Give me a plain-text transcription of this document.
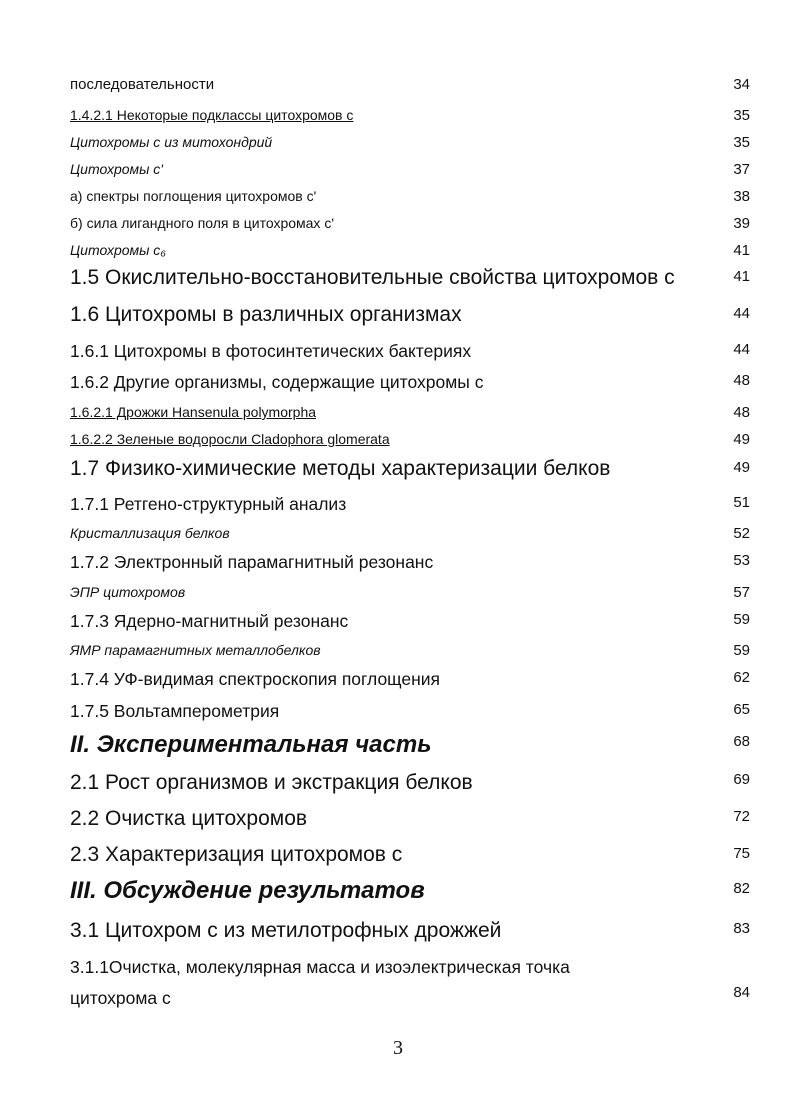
последовательности	34
1.4.2.1 Некоторые подклассы цитохромов c	35
Цитохромы c из митохондрий	35
Цитохромы c'	37
а) спектры поглощения цитохромов c'	38
б) сила лигандного поля в цитохромах c'	39
Цитохромы c₆	41
1.5 Окислительно-восстановительные свойства цитохромов c	41
1.6 Цитохромы в различных организмах	44
1.6.1 Цитохромы в фотосинтетических бактериях	44
1.6.2 Другие организмы, содержащие цитохромы c	48
1.6.2.1 Дрожжи Hansenula polymorpha	48
1.6.2.2 Зеленые водоросли Cladophora glomerata	49
1.7 Физико-химические методы характеризации белков	49
1.7.1 Ретгено-структурный анализ	51
Кристаллизация белков	52
1.7.2 Электронный парамагнитный резонанс	53
ЭПР цитохромов	57
1.7.3 Ядерно-магнитный резонанс	59
ЯМР парамагнитных металлобелков	59
1.7.4 УФ-видимая спектроскопия поглощения	62
1.7.5 Вольтамперометрия	65
II. Экспериментальная часть	68
2.1 Рост организмов и экстракция белков	69
2.2 Очистка цитохромов	72
2.3 Характеризация цитохромов c	75
III. Обсуждение результатов	82
3.1 Цитохром c из метилотрофных дрожжей	83
3.1.1Очистка, молекулярная масса и изоэлектрическая точка
цитохрома c	84
3
